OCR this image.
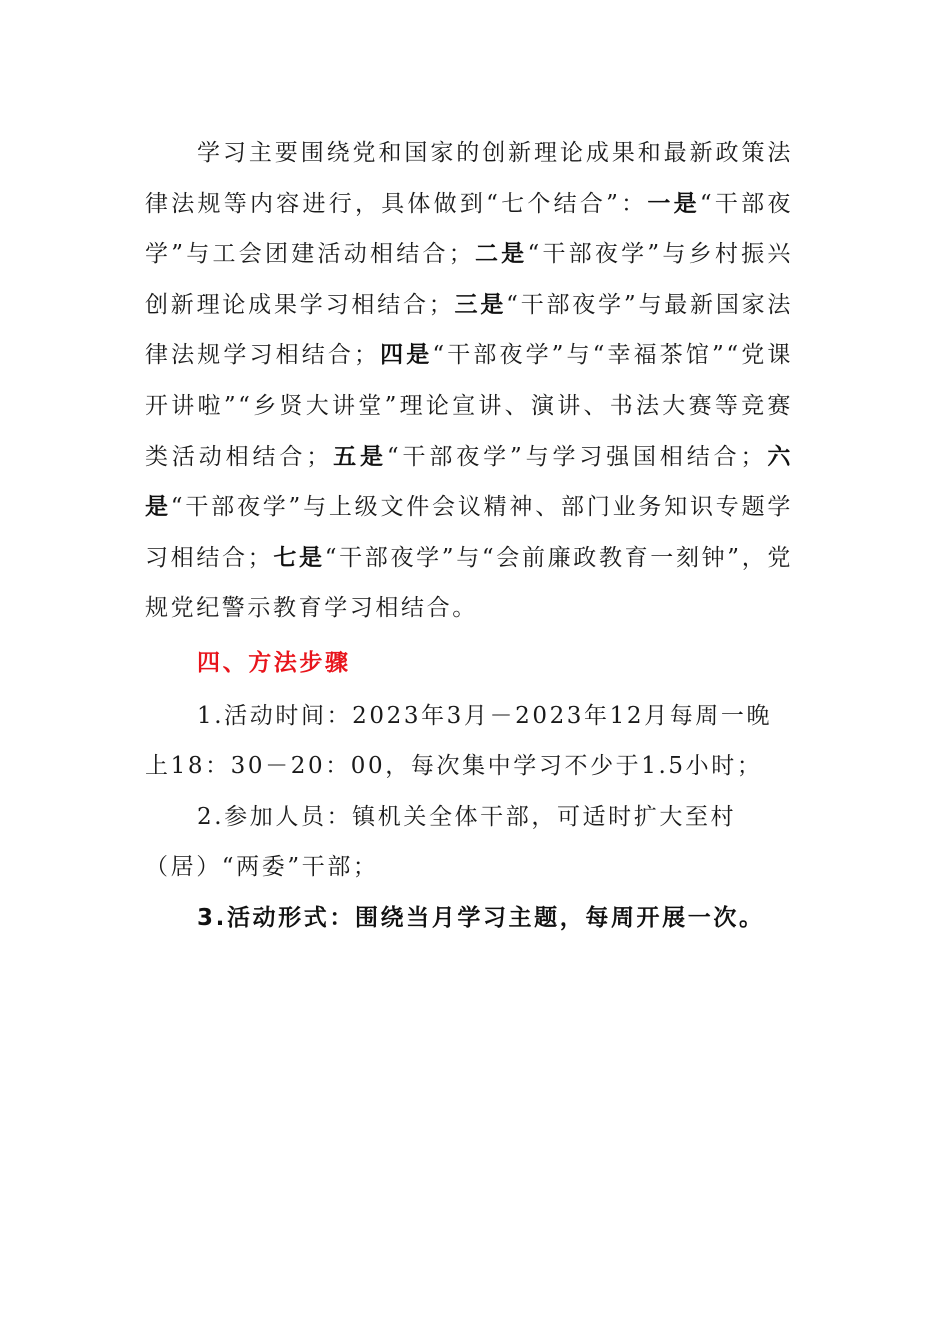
学习主要围绕党和国家的创新理论成果和最新政策法律法规等内容进行，具体做到“七个结合”：一是“干部夜学”与工会团建活动相结合；二是“干部夜学”与乡村振兴创新理论成果学习相结合；三是“干部夜学”与最新国家法律法规学习相结合；四是“干部夜学”与“幸福茶馆”“党课开讲啦”“乡贤大讲堂”理论宣讲、演讲、书法大赛等竞赛类活动相结合；五是“干部夜学”与学习强国相结合；六是“干部夜学”与上级文件会议精神、部门业务知识专题学习相结合；七是“干部夜学”与“会前廉政教育一刻钟”，党规党纪警示教育学习相结合。

四、方法步骤

1.活动时间：2023年3月－2023年12月每周一晚上18：30－20：00，每次集中学习不少于1.5小时；

2.参加人员：镇机关全体干部，可适时扩大至村（居）“两委”干部；

3.活动形式：围绕当月学习主题，每周开展一次。
